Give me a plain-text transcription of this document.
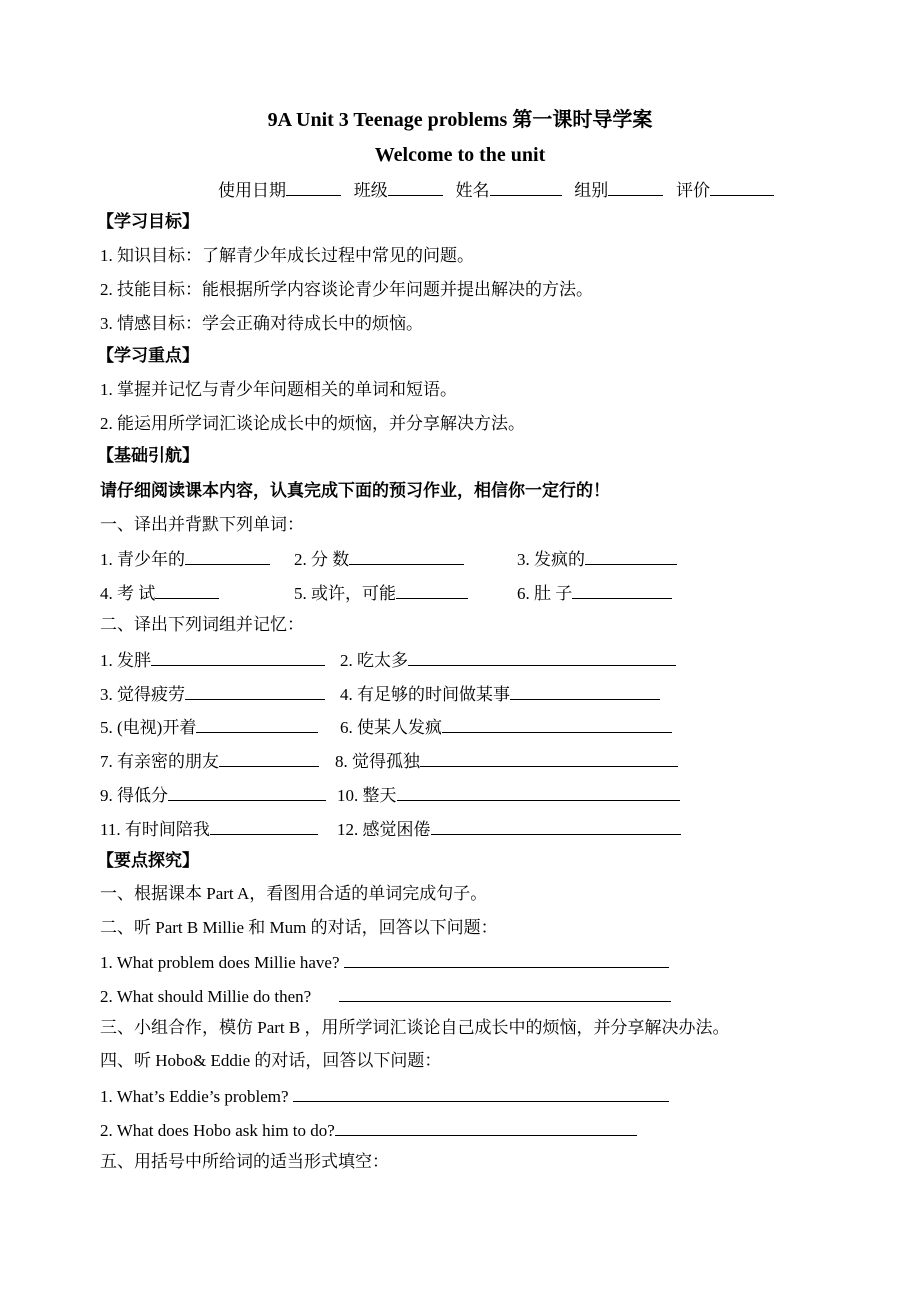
9A Unit 3 Teenage problems 第一课时导学案
Welcome to the unit
使用日期	班级	姓名	组别	评价
【学习目标】
1. 知识目标：了解青少年成长过程中常见的问题。
2. 技能目标：能根据所学内容谈论青少年问题并提出解决的方法。
3. 情感目标：学会正确对待成长中的烦恼。
【学习重点】
1. 掌握并记忆与青少年问题相关的单词和短语。
2. 能运用所学词汇谈论成长中的烦恼，并分享解决方法。
【基础引航】
请仔细阅读课本内容，认真完成下面的预习作业，相信你一定行的！
一、译出并背默下列单词：
1. 青少年的	2. 分 数	3. 发疯的
4. 考 试	5. 或许，可能	6. 肚 子
二、译出下列词组并记忆：
1. 发胖	2. 吃太多
3. 觉得疲劳	4. 有足够的时间做某事
5. (电视)开着	6. 使某人发疯
7. 有亲密的朋友	8. 觉得孤独
9. 得低分	10. 整天
11. 有时间陪我	12. 感觉困倦
【要点探究】
一、根据课本 Part A，看图用合适的单词完成句子。
二、听 Part B Millie 和 Mum 的对话，回答以下问题：
1. What problem does Millie have?
2. What should Millie do then?
三、小组合作，模仿 Part B ，用所学词汇谈论自己成长中的烦恼，并分享解决办法。
四、听 Hobo& Eddie 的对话，回答以下问题：
1. What’s Eddie’s problem?
2. What does Hobo ask him to do?
五、用括号中所给词的适当形式填空：
